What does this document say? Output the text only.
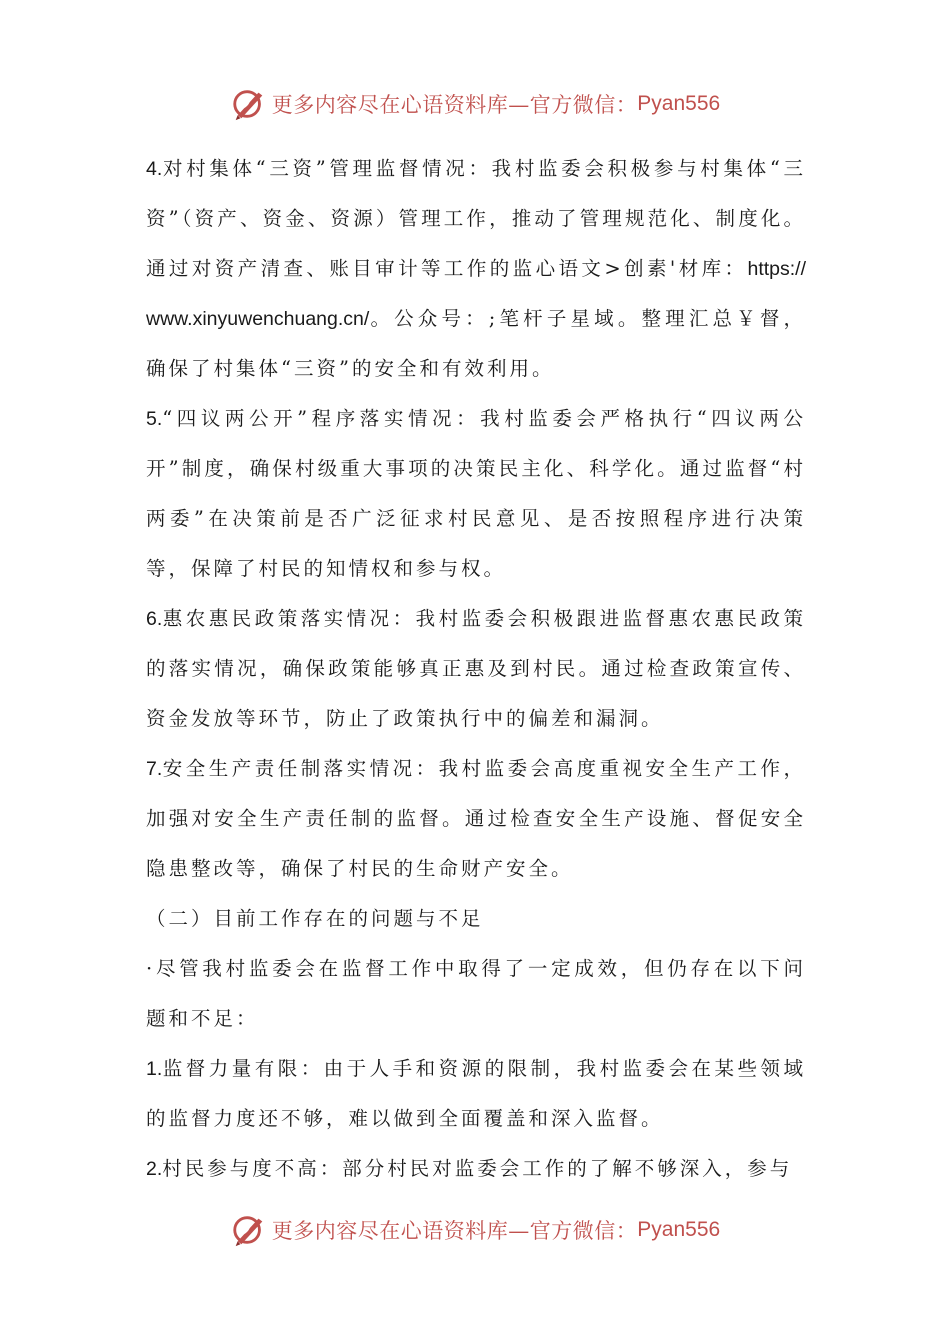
更多内容尽在心语资料库—官方微信： Pyan556

4.对村集体“三资”管理监督情况：我村监委会积极参与村集体“三资”（资产、资金、资源）管理工作，推动了管理规范化、制度化。通过对资产清查、账目审计等工作的监心语文>创素'材库：https://www.xinyuwenchuang.cn/。公众号：;笔杆子星域。整理汇总￥督，确保了村集体“三资”的安全和有效利用。

5.“四议两公开”程序落实情况：我村监委会严格执行“四议两公开”制度，确保村级重大事项的决策民主化、科学化。通过监督“村两委”在决策前是否广泛征求村民意见、是否按照程序进行决策等，保障了村民的知情权和参与权。

6.惠农惠民政策落实情况：我村监委会积极跟进监督惠农惠民政策的落实情况，确保政策能够真正惠及到村民。通过检查政策宣传、资金发放等环节，防止了政策执行中的偏差和漏洞。

7.安全生产责任制落实情况：我村监委会高度重视安全生产工作，加强对安全生产责任制的监督。通过检查安全生产设施、督促安全隐患整改等，确保了村民的生命财产安全。

（二）目前工作存在的问题与不足

·尽管我村监委会在监督工作中取得了一定成效，但仍存在以下问题和不足：

1.监督力量有限：由于人手和资源的限制，我村监委会在某些领域的监督力度还不够，难以做到全面覆盖和深入监督。

2.村民参与度不高：部分村民对监委会工作的了解不够深入，参与

更多内容尽在心语资料库—官方微信： Pyan556
